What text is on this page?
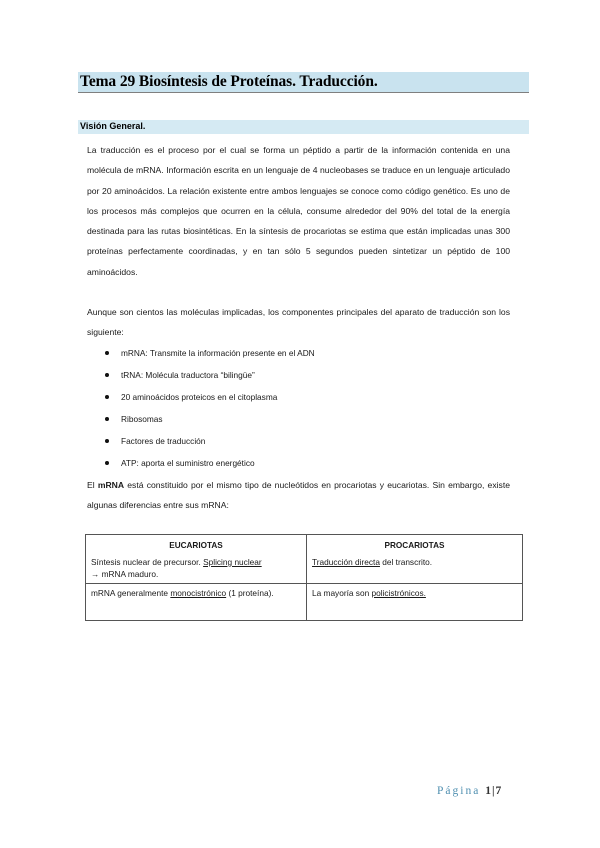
Tema 29 Biosíntesis de Proteínas. Traducción.
Visión General.

La traducción es el proceso por el cual se forma un péptido a partir de la información contenida en una molécula de mRNA. Información escrita en un lenguaje de 4 nucleobases se traduce en un lenguaje articulado por 20 aminoácidos. La relación existente entre ambos lenguajes se conoce como código genético. Es uno de los procesos más complejos que ocurren en la célula, consume alrededor del 90% del total de la energía destinada para las rutas biosintéticas. En la síntesis de procariotas se estima que están implicadas unas 300 proteínas perfectamente coordinadas, y en tan sólo 5 segundos pueden sintetizar un péptido de 100 aminoácidos.

Aunque son cientos las moléculas implicadas, los componentes principales del aparato de traducción son los siguiente:

mRNA: Transmite la información presente en el ADN
tRNA: Molécula traductora “bilingüe”
20 aminoácidos proteicos en el citoplasma
Ribosomas
Factores de traducción
ATP: aporta el suministro energético

El mRNA está constituido por el mismo tipo de nucleótidos en procariotas y eucariotas. Sin embargo, existe algunas diferencias entre sus mRNA:

EUCARIOTAS	PROCARIOTAS
Síntesis nuclear de precursor. Splicing nuclear
→ mRNA maduro.	Traducción directa del transcrito.
mRNA generalmente monocistrónico (1 proteína).	La mayoría son policistrónicos.
Página 1|7
